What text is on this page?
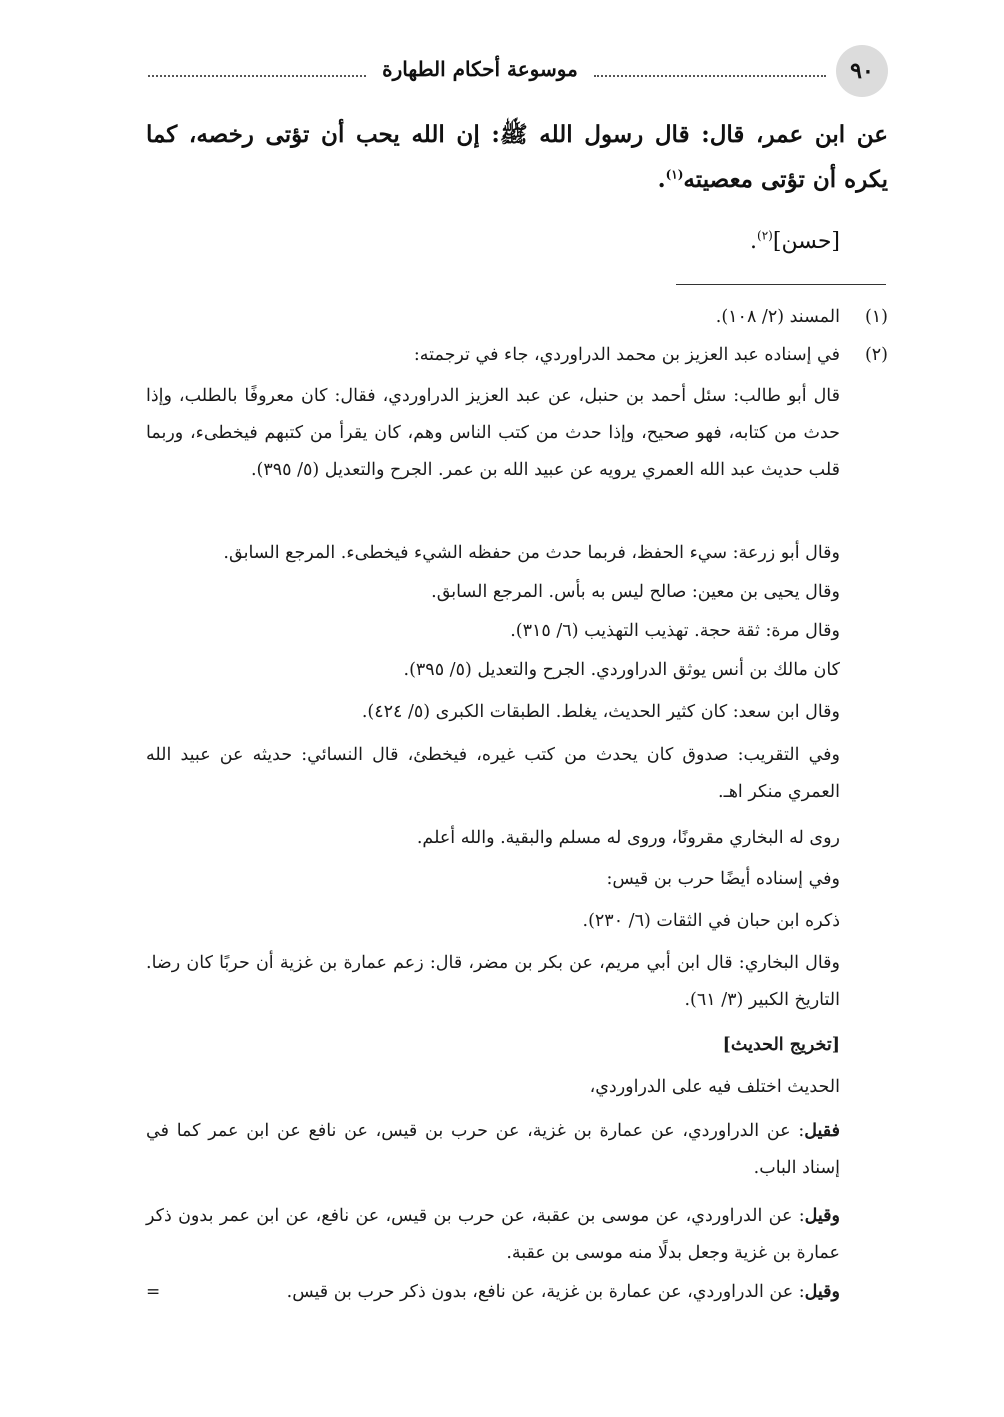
٩٠
موسوعة أحكام الطهارة
عن ابن عمر، قال: قال رسول الله ﷺ: إن الله يحب أن تؤتى رخصه، كما يكره أن تؤتى معصيته$^{(١)}$.
[حسن]$^{(٢)}$.
(١)
المسند (٢/ ١٠٨).
(٢)
في إسناده عبد العزيز بن محمد الدراوردي، جاء في ترجمته:
قال أبو طالب: سئل أحمد بن حنبل، عن عبد العزيز الدراوردي، فقال: كان معروفًا بالطلب، وإذا حدث من كتابه، فهو صحيح، وإذا حدث من كتب الناس وهم، كان يقرأ من كتبهم فيخطىء، وربما قلب حديث عبد الله العمري يرويه عن عبيد الله بن عمر. الجرح والتعديل (٥/ ٣٩٥).
وقال أبو زرعة: سيء الحفظ، فربما حدث من حفظه الشيء فيخطىء. المرجع السابق.
وقال يحيى بن معين: صالح ليس به بأس. المرجع السابق.
وقال مرة: ثقة حجة. تهذيب التهذيب (٦/ ٣١٥).
كان مالك بن أنس يوثق الدراوردي. الجرح والتعديل (٥/ ٣٩٥).
وقال ابن سعد: كان كثير الحديث، يغلط. الطبقات الكبرى (٥/ ٤٢٤).
وفي التقريب: صدوق كان يحدث من كتب غيره، فيخطئ، قال النسائي: حديثه عن عبيد الله العمري منكر اهـ.
روى له البخاري مقرونًا، وروى له مسلم والبقية. والله أعلم.
وفي إسناده أيضًا حرب بن قيس:
ذكره ابن حبان في الثقات (٦/ ٢٣٠).
وقال البخاري: قال ابن أبي مريم، عن بكر بن مضر، قال: زعم عمارة بن غزية أن حربًا كان رضا. التاريخ الكبير (٣/ ٦١).
[تخريج الحديث]
الحديث اختلف فيه على الدراوردي،
فقيل: عن الدراوردي، عن عمارة بن غزية، عن حرب بن قيس، عن نافع عن ابن عمر كما في إسناد الباب.
وقيل: عن الدراوردي، عن موسى بن عقبة، عن حرب بن قيس، عن نافع، عن ابن عمر بدون ذكر عمارة بن غزية وجعل بدلًا منه موسى بن عقبة.
وقيل: عن الدراوردي، عن عمارة بن غزية، عن نافع، بدون ذكر حرب بن قيس.
=
